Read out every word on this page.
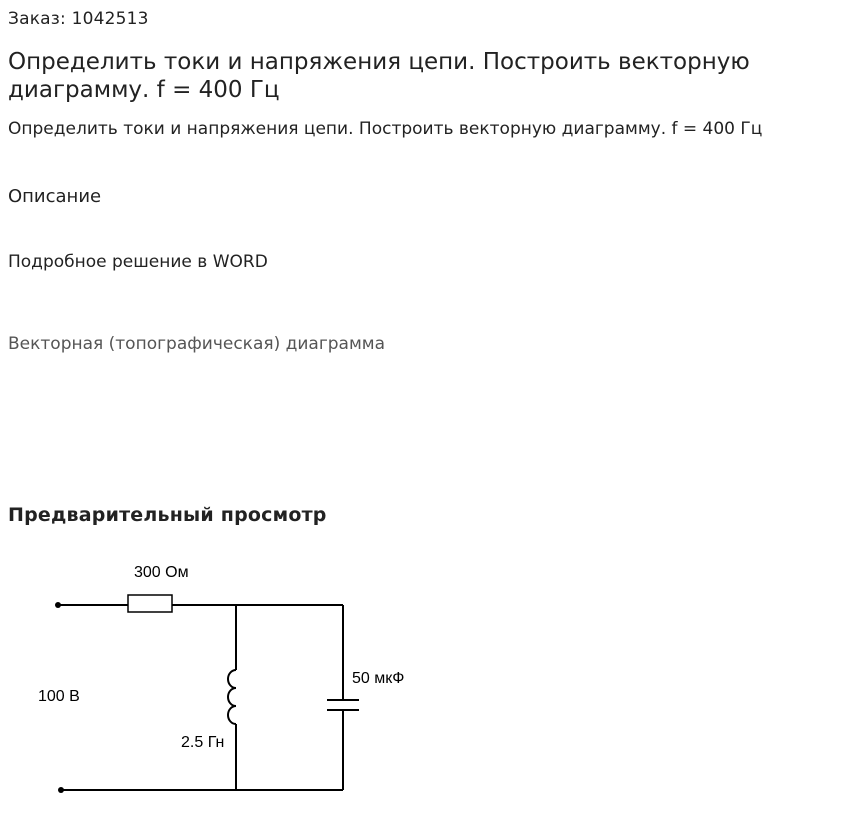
Заказ: 1042513
Определить токи и напряжения цепи. Построить векторную диаграмму. f = 400 Гц
Определить токи и напряжения цепи. Построить векторную диаграмму. f = 400 Гц
Описание
Подробное решение в WORD
Векторная (топографическая) диаграмма
Предварительный просмотр
300 Ом
100 В
2.5 Гн
50 мкФ
